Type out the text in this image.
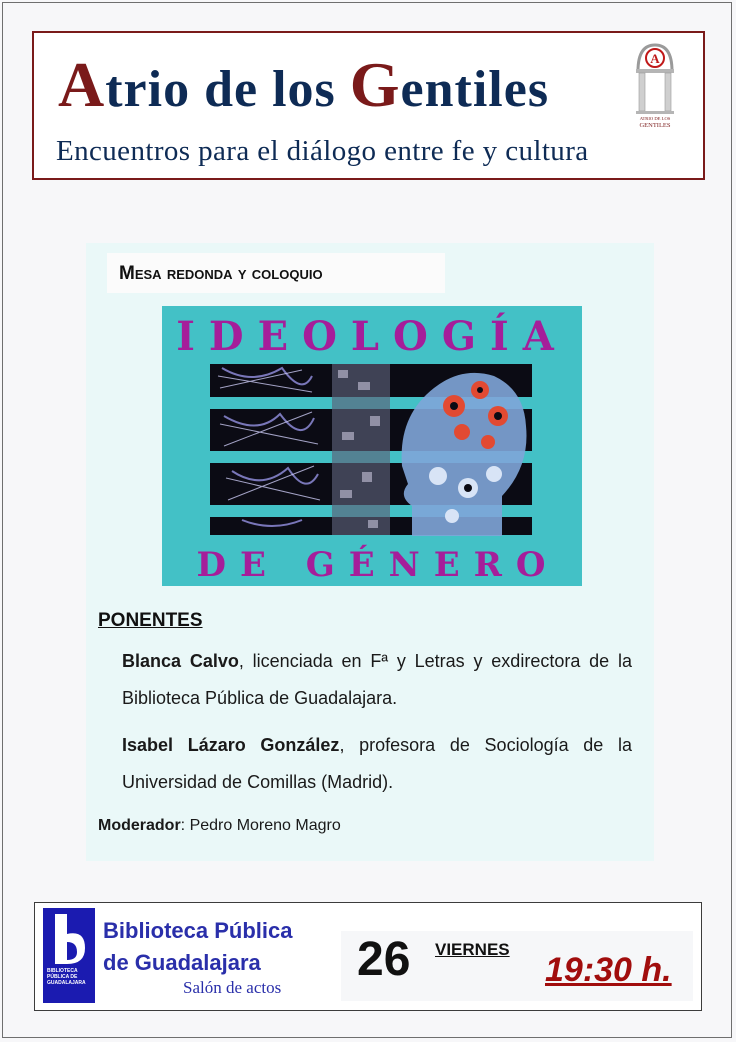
Atrio de los Gentiles

Encuentros para el diálogo entre fe y cultura

A
ATRIO DE LOS
GENTILES
Mesa redonda y coloquio
IDEOLOGÍA
DE GÉNERO
PONENTES
Blanca Calvo, licenciada en Fª y Letras y exdirectora de la Biblioteca Pública de Guadalajara.
Isabel Lázaro González, profesora de Sociología de la Universidad de Comillas (Madrid).
Moderador: Pedro Moreno Magro
BIBLIOTECA PÚBLICA DE GUADALAJARA
Biblioteca Pública
de Guadalajara
Salón de actos
26 VIERNES
19:30 h.
